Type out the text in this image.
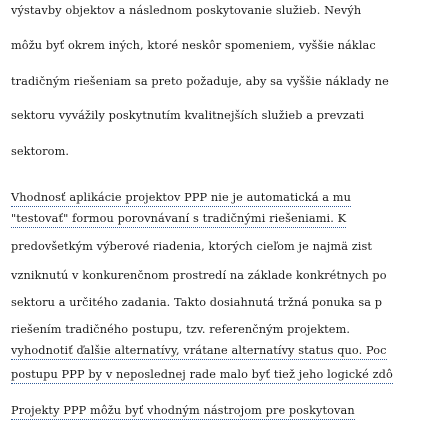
výstavby objektov a následnom poskytovanie služieb. Nevýh
môžu byť okrem iných, ktoré neskôr spomeniem, vyššie náklac
tradičným riešeniam sa preto požaduje, aby sa vyššie náklady ne
sektoru vyvážily poskytnutím kvalitnejších služieb a prevzati
sektorom.
Vhodnosť aplikácie projektov PPP nie je automatická a mu
"testovať" formou porovnávaní s tradičnými riešeniami. K
predovšetkým výberové riadenia, ktorých cieľom je najmä zist
vzniknutú v konkurenčnom prostredí na základe konkrétnych po
sektoru a určitého zadania. Takto dosiahnutá tržná ponuka sa p
riešením tradičného postupu, tzv. referenčným projektem.
vyhodnotiť ďalšie alternatívy, vrátane alternatívy status quo. Poc
postupu PPP by v neposlednej rade malo byť tiež jeho logické zdô
Projekty PPP môžu byť vhodným nástrojom pre poskytovan
